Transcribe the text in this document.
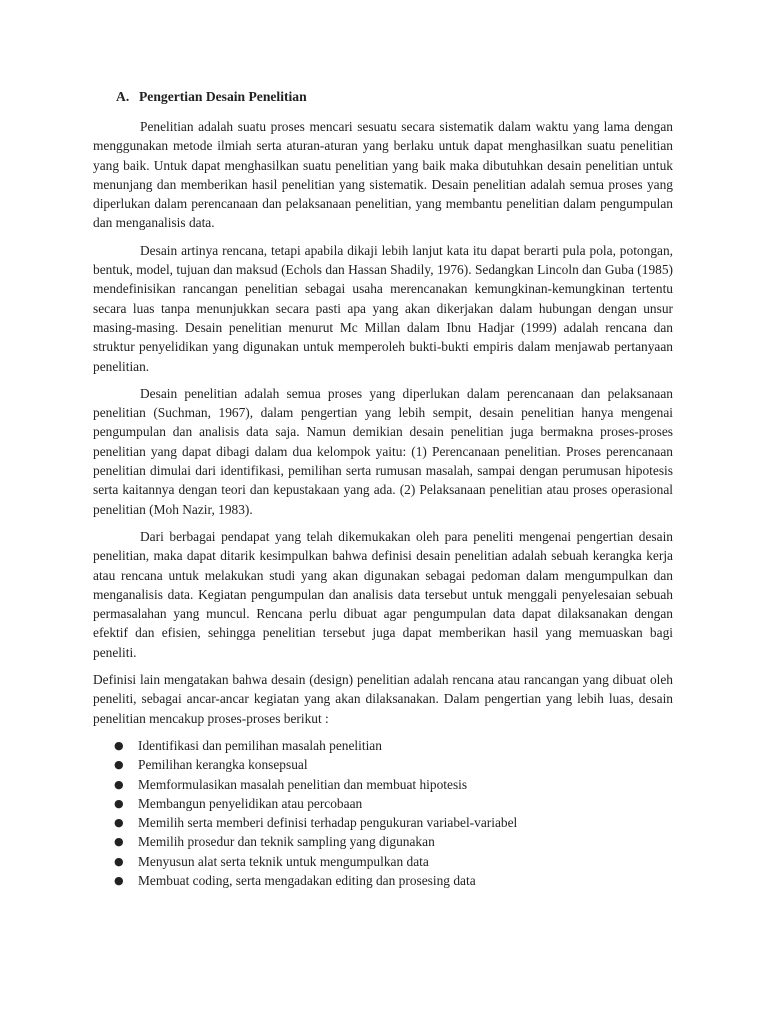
A. Pengertian Desain Penelitian

Penelitian adalah suatu proses mencari sesuatu secara sistematik dalam waktu yang lama dengan menggunakan metode ilmiah serta aturan-aturan yang berlaku untuk dapat menghasilkan suatu penelitian yang baik. Untuk dapat menghasilkan suatu penelitian yang baik maka dibutuhkan desain penelitian untuk menunjang dan memberikan hasil penelitian yang sistematik. Desain penelitian adalah semua proses yang diperlukan dalam perencanaan dan pelaksanaan penelitian, yang membantu penelitian dalam pengumpulan dan menganalisis data.

Desain artinya rencana, tetapi apabila dikaji lebih lanjut kata itu dapat berarti pula pola, potongan, bentuk, model, tujuan dan maksud (Echols dan Hassan Shadily, 1976). Sedangkan Lincoln dan Guba (1985) mendefinisikan rancangan penelitian sebagai usaha merencanakan kemungkinan-kemungkinan tertentu secara luas tanpa menunjukkan secara pasti apa yang akan dikerjakan dalam hubungan dengan unsur masing-masing. Desain penelitian menurut Mc Millan dalam Ibnu Hadjar (1999) adalah rencana dan struktur penyelidikan yang digunakan untuk memperoleh bukti-bukti empiris dalam menjawab pertanyaan penelitian.

Desain penelitian adalah semua proses yang diperlukan dalam perencanaan dan pelaksanaan penelitian (Suchman, 1967), dalam pengertian yang lebih sempit, desain penelitian hanya mengenai pengumpulan dan analisis data saja. Namun demikian desain penelitian juga bermakna proses-proses penelitian yang dapat dibagi dalam dua kelompok yaitu: (1) Perencanaan penelitian. Proses perencanaan penelitian dimulai dari identifikasi, pemilihan serta rumusan masalah, sampai dengan perumusan hipotesis serta kaitannya dengan teori dan kepustakaan yang ada. (2) Pelaksanaan penelitian atau proses operasional penelitian (Moh Nazir, 1983).

Dari berbagai pendapat yang telah dikemukakan oleh para peneliti mengenai pengertian desain penelitian, maka dapat ditarik kesimpulkan bahwa definisi desain penelitian adalah sebuah kerangka kerja atau rencana untuk melakukan studi yang akan digunakan sebagai pedoman dalam mengumpulkan dan menganalisis data. Kegiatan pengumpulan dan analisis data tersebut untuk menggali penyelesaian sebuah permasalahan yang muncul. Rencana perlu dibuat agar pengumpulan data dapat dilaksanakan dengan efektif dan efisien, sehingga penelitian tersebut juga dapat memberikan hasil yang memuaskan bagi peneliti.

Definisi lain mengatakan bahwa desain (design) penelitian adalah rencana atau rancangan yang dibuat oleh peneliti, sebagai ancar-ancar kegiatan yang akan dilaksanakan. Dalam pengertian yang lebih luas, desain penelitian mencakup proses-proses berikut :

● Identifikasi dan pemilihan masalah penelitian
● Pemilihan kerangka konsepsual
● Memformulasikan masalah penelitian dan membuat hipotesis
● Membangun penyelidikan atau percobaan
● Memilih serta memberi definisi terhadap pengukuran variabel-variabel
● Memilih prosedur dan teknik sampling yang digunakan
● Menyusun alat serta teknik untuk mengumpulkan data
● Membuat coding, serta mengadakan editing dan prosesing data
